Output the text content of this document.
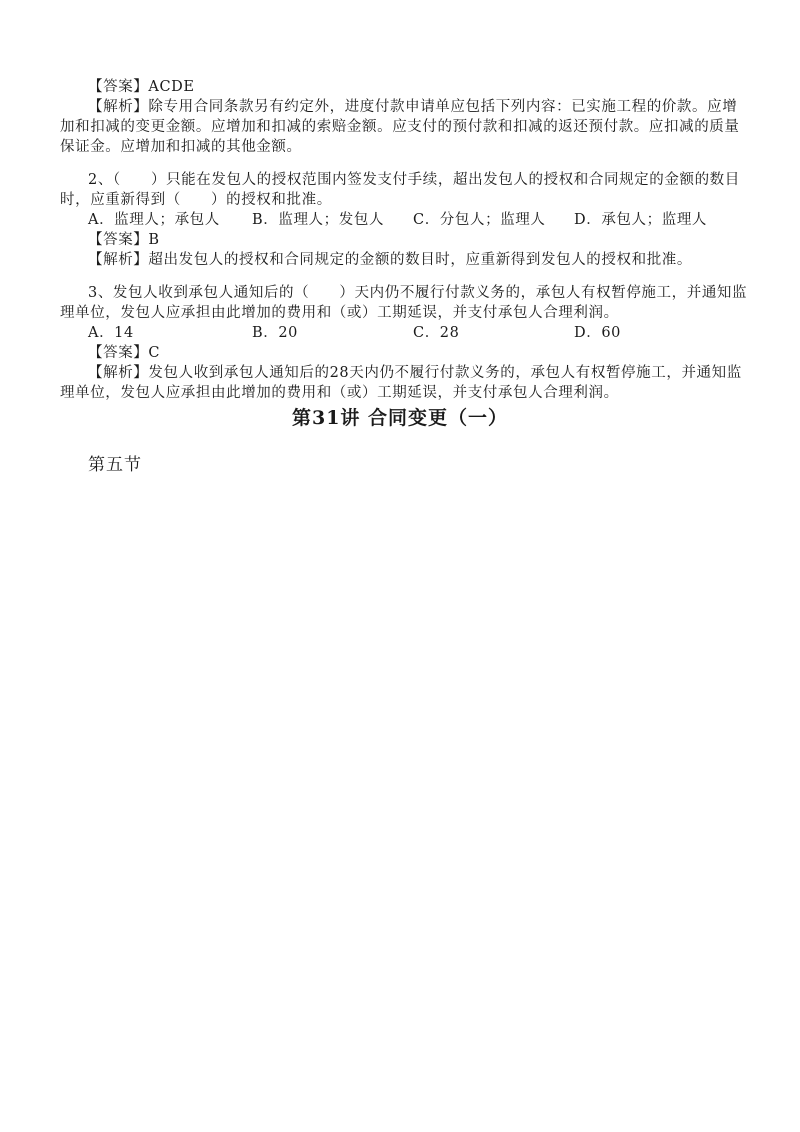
【答案】ACDE
【解析】除专用合同条款另有约定外，进度付款申请单应包括下列内容：已实施工程的价款。应增
加和扣减的变更金额。应增加和扣减的索赔金额。应支付的预付款和扣减的返还预付款。应扣减的质量
保证金。应增加和扣减的其他金额。
2、（　　）只能在发包人的授权范围内签发支付手续，超出发包人的授权和合同规定的金额的数目
时，应重新得到（　　）的授权和批准。
A．监理人；承包人 B．监理人；发包人 C．分包人；监理人 D．承包人；监理人
【答案】B
【解析】超出发包人的授权和合同规定的金额的数目时，应重新得到发包人的授权和批准。
3、发包人收到承包人通知后的（　　）天内仍不履行付款义务的，承包人有权暂停施工，并通知监
理单位，发包人应承担由此增加的费用和（或）工期延误，并支付承包人合理利润。
A．14	B．20	C．28	D．60
【答案】C
【解析】发包人收到承包人通知后的28天内仍不履行付款义务的，承包人有权暂停施工，并通知监
理单位，发包人应承担由此增加的费用和（或）工期延误，并支付承包人合理利润。
第31讲 合同变更（一）
第五节
